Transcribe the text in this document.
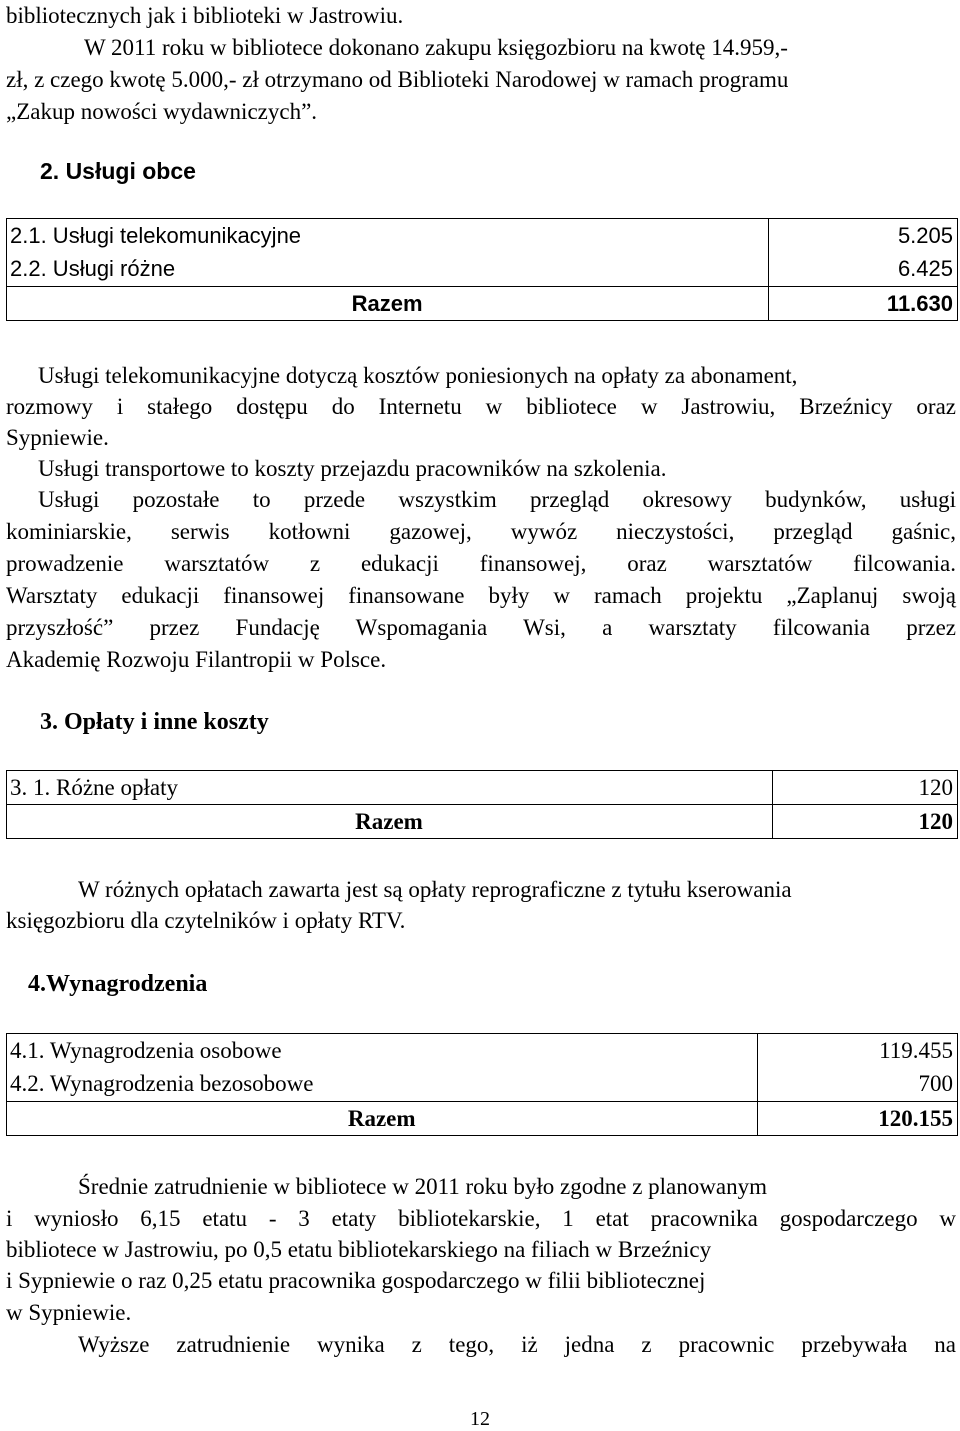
bibliotecznych jak i biblioteki w Jastrowiu.
W 2011 roku w bibliotece dokonano zakupu księgozbioru na kwotę 14.959,-
zł, z czego kwotę 5.000,- zł otrzymano od Biblioteki Narodowej w ramach programu
„Zakup nowości wydawniczych”.
2. Usługi obce
2.1. Usługi telekomunikacyjne	5.205
2.2. Usługi różne	6.425
Razem	11.630
Usługi telekomunikacyjne dotyczą kosztów poniesionych na opłaty za abonament,
rozmowy i stałego dostępu do Internetu w bibliotece w Jastrowiu, Brzeźnicy oraz
Sypniewie.
Usługi transportowe to koszty przejazdu pracowników na szkolenia.
Usługi pozostałe to przede wszystkim przegląd okresowy budynków, usługi
kominiarskie, serwis kotłowni gazowej, wywóz nieczystości, przegląd gaśnic,
prowadzenie warsztatów z edukacji finansowej, oraz warsztatów filcowania.
Warsztaty edukacji finansowej finansowane były w ramach projektu „Zaplanuj swoją
przyszłość” przez Fundację Wspomagania Wsi, a warsztaty filcowania przez
Akademię Rozwoju Filantropii w Polsce.
3. Opłaty i inne koszty
3. 1. Różne opłaty	120
Razem	120
W różnych opłatach zawarta jest są opłaty reprograficzne z tytułu kserowania
księgozbioru dla czytelników i opłaty RTV.
4.Wynagrodzenia
4.1. Wynagrodzenia osobowe	119.455
4.2. Wynagrodzenia bezosobowe	700
Razem	120.155
Średnie zatrudnienie w bibliotece w 2011 roku było zgodne z planowanym
i wyniosło 6,15 etatu - 3 etaty bibliotekarskie, 1 etat pracownika gospodarczego w
bibliotece w Jastrowiu, po 0,5 etatu bibliotekarskiego na filiach w Brzeźnicy
i Sypniewie o raz 0,25 etatu pracownika gospodarczego w filii bibliotecznej
w Sypniewie.
Wyższe zatrudnienie wynika z tego, iż jedna z pracownic przebywała na
12
